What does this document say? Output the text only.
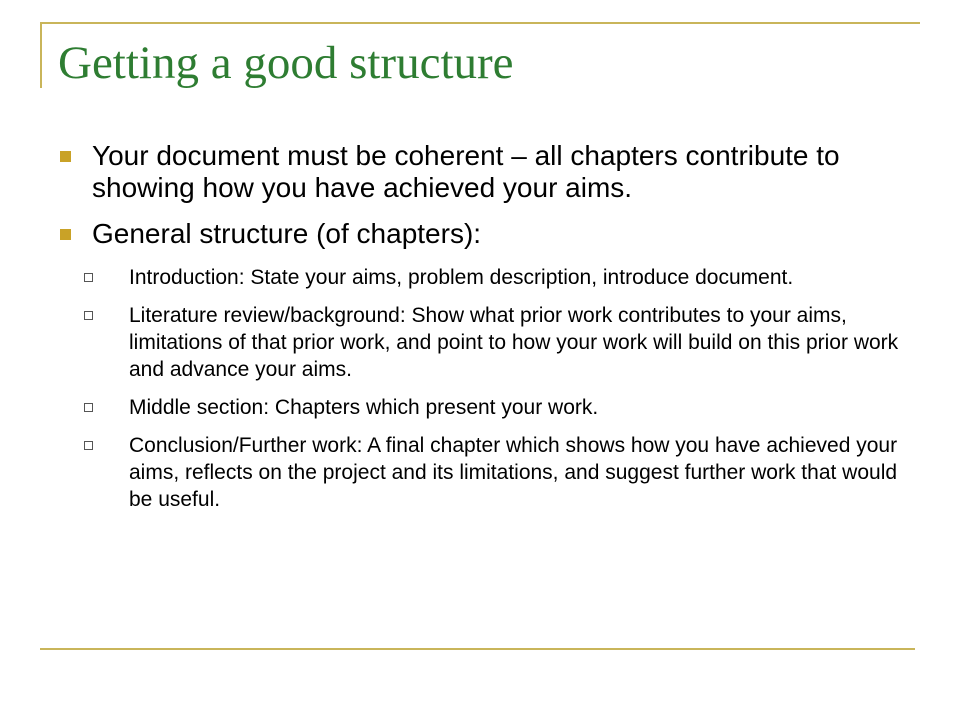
Getting a good structure
Your document must be coherent – all chapters contribute to showing how you have achieved your aims.
General structure (of chapters):
Introduction: State your aims, problem description, introduce document.
Literature review/background: Show what prior work contributes to your aims, limitations of that prior work, and point to how your work will build on this prior work and advance your aims.
Middle section: Chapters which present your work.
Conclusion/Further work: A final chapter which shows how you have achieved your aims, reflects on the project and its limitations, and suggest further work that would be useful.
